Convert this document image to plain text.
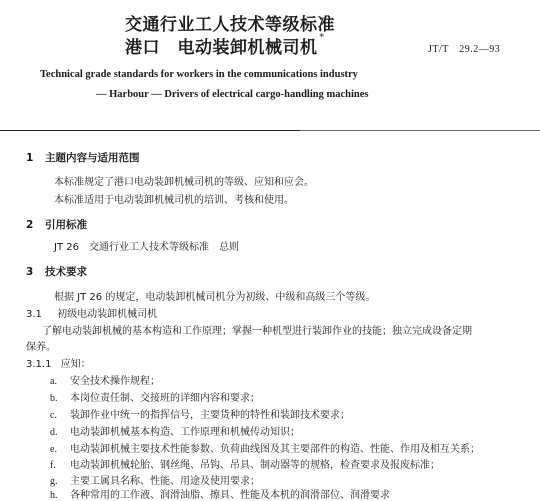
交通行业工人技术等级标准
港口　电动装卸机械司机 *
JT/T　29.2—93
Technical grade standards for workers in the communications industry
— Harbour — Drivers of electrical cargo-handling machines
1 主题内容与适用范围
本标准规定了港口电动装卸机械司机的等级、应知和应会。
本标准适用于电动装卸机械司机的培训、考核和使用。
2 引用标准
JT 26　交通行业工人技术等级标准　总则
3 技术要求
根据 JT 26 的规定，电动装卸机械司机分为初级、中级和高级三个等级。
3.1 初级电动装卸机械司机
了解电动装卸机械的基本构造和工作原理；掌握一种机型进行装卸作业的技能；独立完成设备定期
保养。
3.1.1 应知：
a. 安全技术操作规程；
b. 本岗位责任制、交接班的详细内容和要求；
c. 装卸作业中统一的指挥信号，主要货种的特性和装卸技术要求；
d. 电动装卸机械基本构造、工作原理和机械传动知识；
e. 电动装卸机械主要技术性能参数、负荷曲线图及其主要部件的构造、性能、作用及相互关系；
f. 电动装卸机械轮胎、钢丝绳、吊钩、吊具、制动器等的规格，检查要求及报废标准；
g. 主要工属具名称、性能、用途及使用要求；
h. 各种常用的工作液、润滑油脂、擦具、性能及本机的润滑部位、润滑要求
